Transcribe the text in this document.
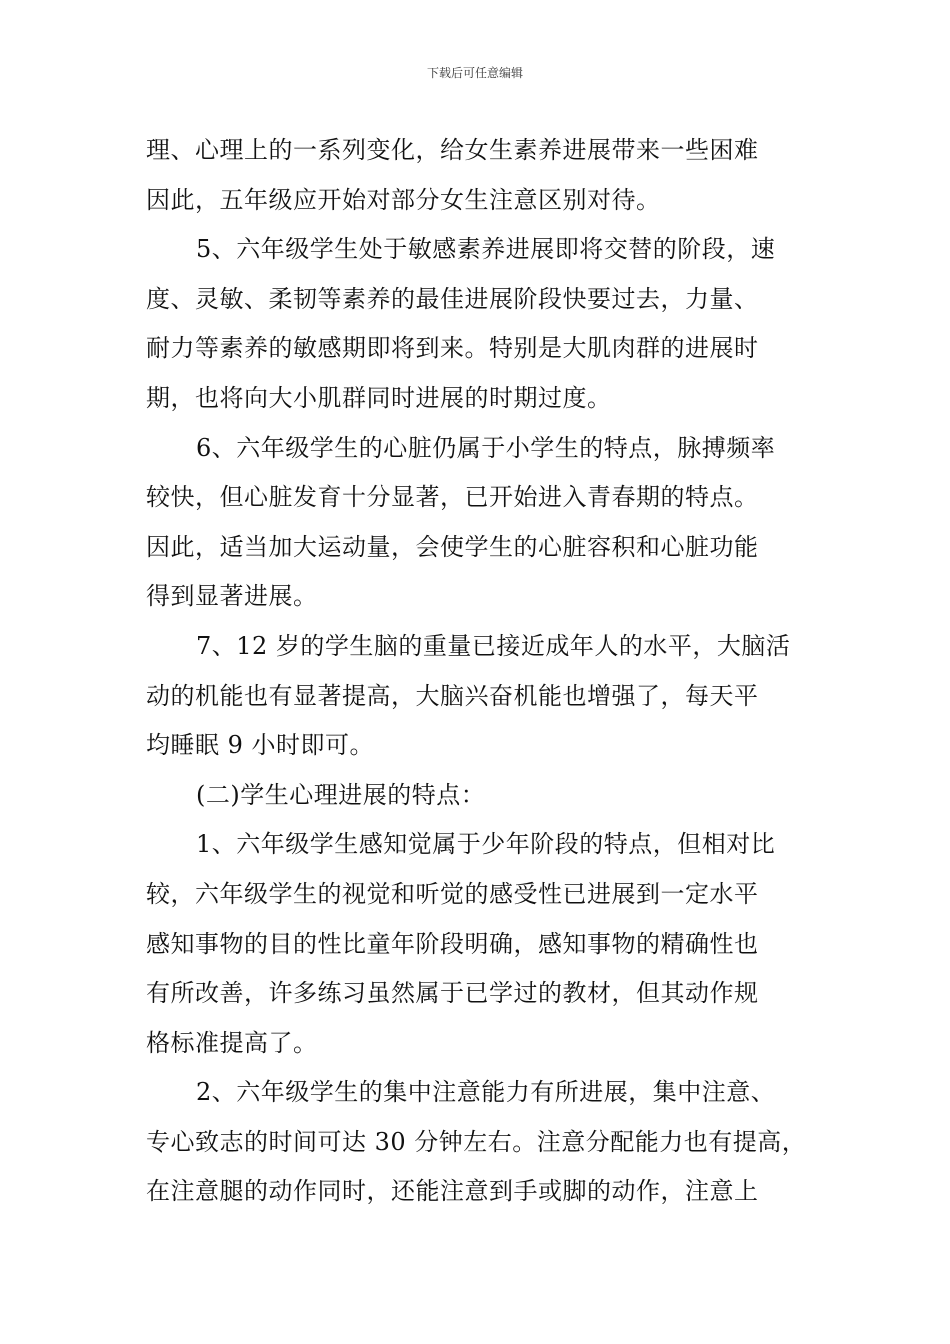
下载后可任意编辑
理、心理上的一系列变化，给女生素养进展带来一些困难
因此，五年级应开始对部分女生注意区别对待。
5、六年级学生处于敏感素养进展即将交替的阶段，速
度、灵敏、柔韧等素养的最佳进展阶段快要过去，力量、
耐力等素养的敏感期即将到来。特别是大肌肉群的进展时
期，也将向大小肌群同时进展的时期过度。
6、六年级学生的心脏仍属于小学生的特点，脉搏频率
较快，但心脏发育十分显著，已开始进入青春期的特点。
因此，适当加大运动量，会使学生的心脏容积和心脏功能
得到显著进展。
7、12 岁的学生脑的重量已接近成年人的水平，大脑活
动的机能也有显著提高，大脑兴奋机能也增强了，每天平
均睡眠 9 小时即可。
(二)学生心理进展的特点：
1、六年级学生感知觉属于少年阶段的特点，但相对比
较，六年级学生的视觉和听觉的感受性已进展到一定水平
感知事物的目的性比童年阶段明确，感知事物的精确性也
有所改善，许多练习虽然属于已学过的教材，但其动作规
格标准提高了。
2、六年级学生的集中注意能力有所进展，集中注意、
专心致志的时间可达 30 分钟左右。注意分配能力也有提高，
在注意腿的动作同时，还能注意到手或脚的动作，注意上
